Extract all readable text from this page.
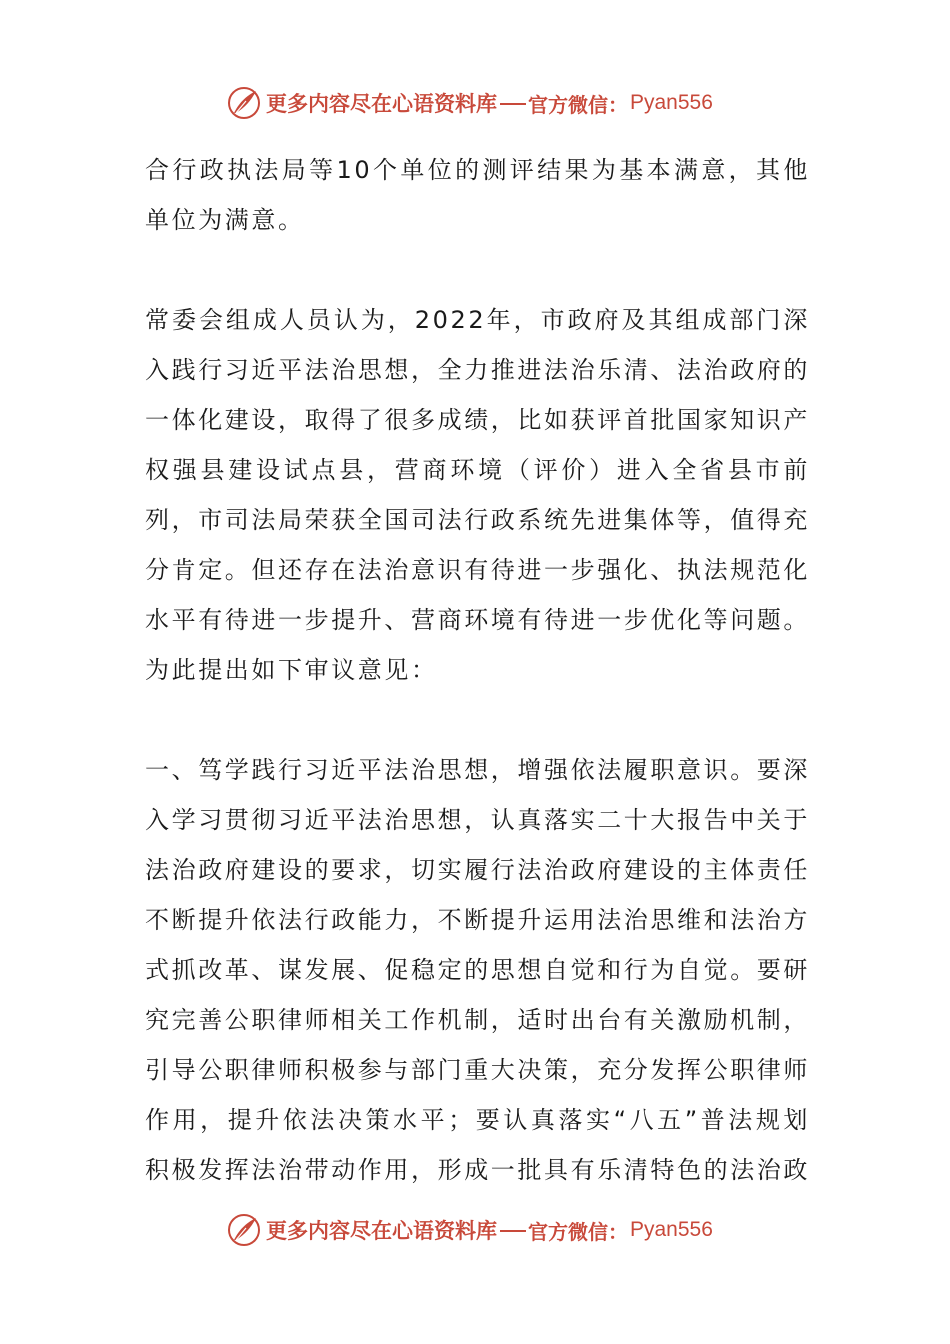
更多内容尽在心语资料库 官方微信： Pyan556

合行政执法局等10个单位的测评结果为基本满意，其他单位为满意。

常委会组成人员认为，2022年，市政府及其组成部门深入践行习近平法治思想，全力推进法治乐清、法治政府的一体化建设，取得了很多成绩，比如获评首批国家知识产权强县建设试点县，营商环境（评价）进入全省县市前列，市司法局荣获全国司法行政系统先进集体等，值得充分肯定。但还存在法治意识有待进一步强化、执法规范化水平有待进一步提升、营商环境有待进一步优化等问题。为此提出如下审议意见：

一、笃学践行习近平法治思想，增强依法履职意识。要深入学习贯彻习近平法治思想，认真落实二十大报告中关于法治政府建设的要求，切实履行法治政府建设的主体责任不断提升依法行政能力，不断提升运用法治思维和法治方式抓改革、谋发展、促稳定的思想自觉和行为自觉。要研究完善公职律师相关工作机制，适时出台有关激励机制，引导公职律师积极参与部门重大决策，充分发挥公职律师作用，提升依法决策水平；要认真落实“八五”普法规划积极发挥法治带动作用，形成一批具有乐清特色的法治政

更多内容尽在心语资料库 官方微信： Pyan556
